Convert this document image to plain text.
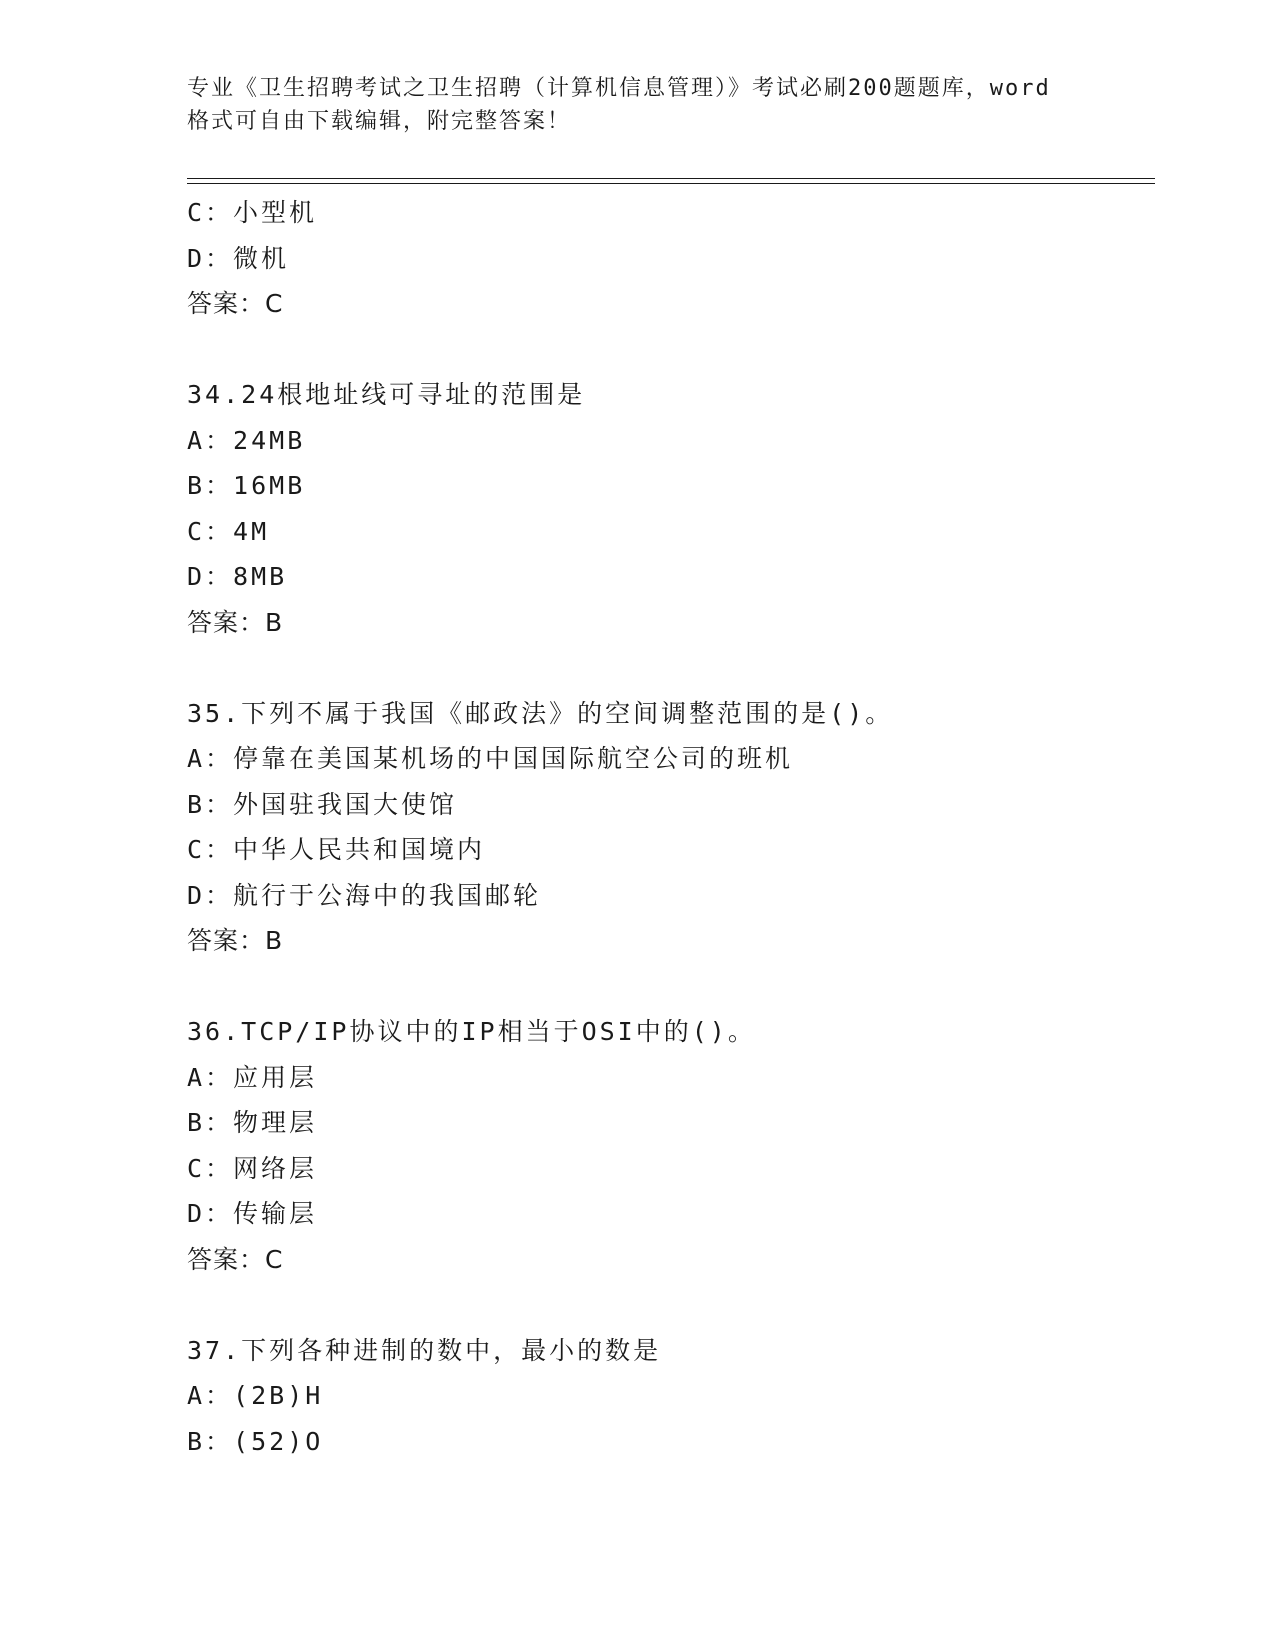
专业《卫生招聘考试之卫生招聘（计算机信息管理）》考试必刷200题题库，word
格式可自由下载编辑，附完整答案！
C：小型机
D：微机
答案：C
34.24根地址线可寻址的范围是
A：24MB
B：16MB
C：4M
D：8MB
答案：B
35.下列不属于我国《邮政法》的空间调整范围的是()。
A：停靠在美国某机场的中国国际航空公司的班机
B：外国驻我国大使馆
C：中华人民共和国境内
D：航行于公海中的我国邮轮
答案：B
36.TCP/IP协议中的IP相当于OSI中的()。
A：应用层
B：物理层
C：网络层
D：传输层
答案：C
37.下列各种进制的数中，最小的数是
A：(2B)H
B：(52)O
